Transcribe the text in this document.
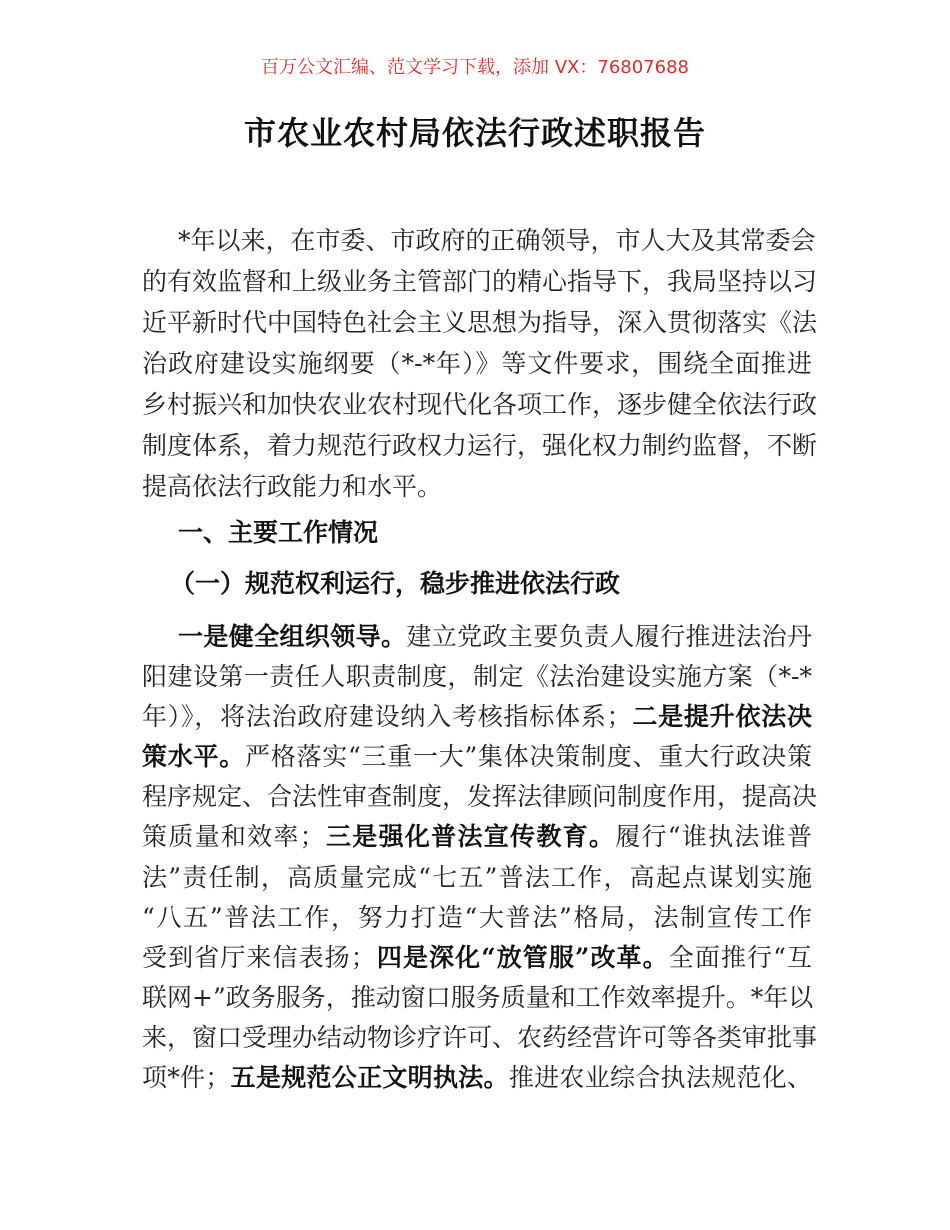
百万公文汇编、范文学习下载，添加 VX：76807688
市农业农村局依法行政述职报告
*年以来，在市委、市政府的正确领导，市人大及其常委会
的有效监督和上级业务主管部门的精心指导下，我局坚持以习
近平新时代中国特色社会主义思想为指导，深入贯彻落实《法
治政府建设实施纲要（*-*年）》等文件要求，围绕全面推进
乡村振兴和加快农业农村现代化各项工作，逐步健全依法行政
制度体系，着力规范行政权力运行，强化权力制约监督，不断
提高依法行政能力和水平。
一、主要工作情况
（一）规范权利运行，稳步推进依法行政
一是健全组织领导。建立党政主要负责人履行推进法治丹
阳建设第一责任人职责制度，制定《法治建设实施方案（*-*
年）》，将法治政府建设纳入考核指标体系；二是提升依法决
策水平。严格落实“三重一大”集体决策制度、重大行政决策
程序规定、合法性审查制度，发挥法律顾问制度作用，提高决
策质量和效率；三是强化普法宣传教育。履行“谁执法谁普
法”责任制，高质量完成“七五”普法工作，高起点谋划实施
“八五”普法工作，努力打造“大普法”格局，法制宣传工作
受到省厅来信表扬；四是深化“放管服”改革。全面推行“互
联网+”政务服务，推动窗口服务质量和工作效率提升。*年以
来，窗口受理办结动物诊疗许可、农药经营许可等各类审批事
项*件；五是规范公正文明执法。推进农业综合执法规范化、
